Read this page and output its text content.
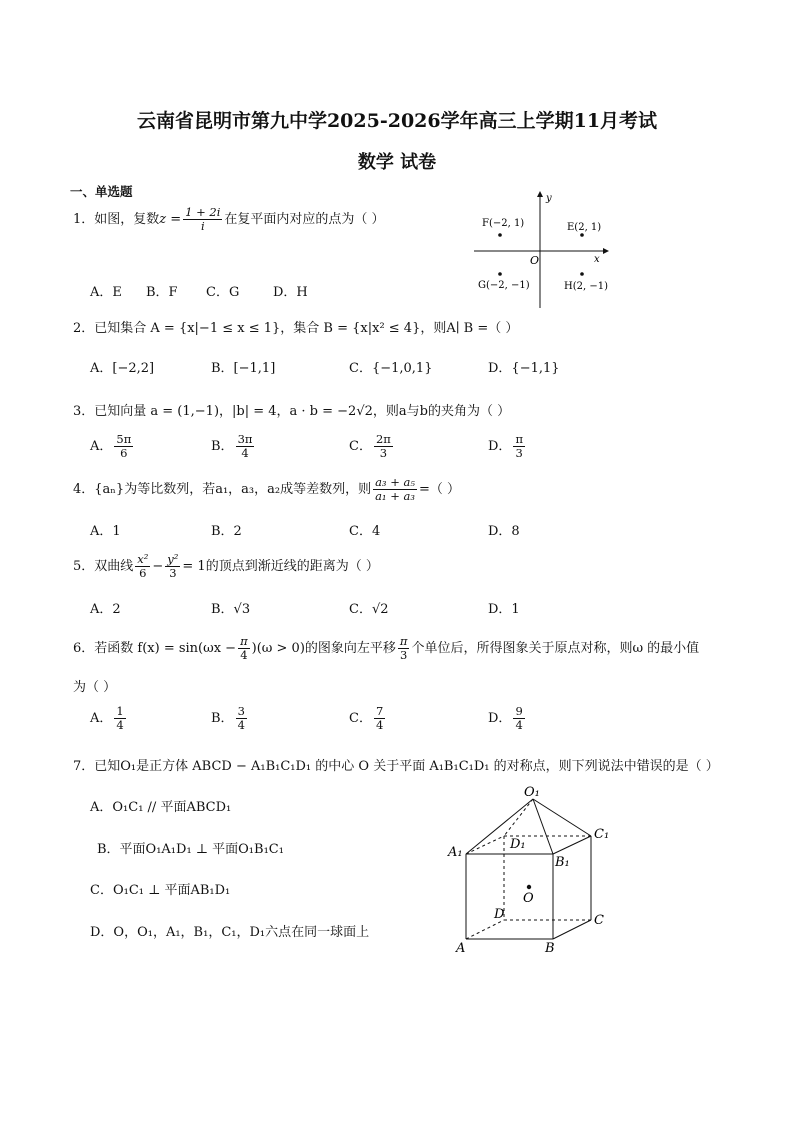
云南省昆明市第九中学2025-2026学年高三上学期11月考试
数学 试卷
一、单选题
1．如图，复数$z = \frac{1 + 2i}{i}$ 在复平面内对应的点为（ ）
A．E B．F C．G	D．H
y
x
O
F(−2, 1)	E(2, 1)
G(−2, −1)	H(2, −1)
2．已知集合 A = {x|−1 ≤ x ≤ 1}，集合 B = {x|x² ≤ 4}，则A∣ B =（ ）
A．[−2,2]	B．[−1,1]	C．{−1,0,1}	D．{−1,1}
3．已知向量 a = (1,−1)，|b| = 4，a · b = −2√2，则a与b的夹角为（ ）
A． $\frac{5\pi}{6}$	B． $\frac{3\pi}{4}$	C． $\frac{2\pi}{3}$	D． $\frac{\pi}{3}$
4．{aₙ}为等比数列，若a₁，a₃，a₂成等差数列，则 $\frac{\text{a₃ + a₅}}{\text{a₁ + a₃}}$ =（ ）
A．1	B．2	C．4	D．8
5．双曲线 $\frac{\text{x²}}{6} - \frac{\text{y²}}{3} = 1$的顶点到渐近线的距离为（ ）
A．2	B．√3	C．√2	D．1
6．若函数 $f(x) = \sin(\omega x - \frac{\pi}{4} )(\omega > 0)$的图象向左平移 $\frac{\pi}{3}$ 个单位后，所得图象关于原点对称，则ω 的最小值
为（ ）
A． $\frac{1}{4}$	B． $\frac{3}{4}$	C． $\frac{7}{4}$	D． $\frac{9}{4}$
7．已知O₁是正方体 ABCD − A₁B₁C₁D₁ 的中心 O 关于平面 A₁B₁C₁D₁ 的对称点，则下列说法中错误的是（ ）
A．O₁C₁ // 平面ABCD₁
B．平面O₁A₁D₁ ⊥ 平面O₁B₁C₁
C．O₁C₁ ⊥ 平面AB₁D₁
D．O，O₁，A₁，B₁，C₁，D₁六点在同一球面上
O₁
C₁
A₁
D₁
B₁
O
D	C
A	B
